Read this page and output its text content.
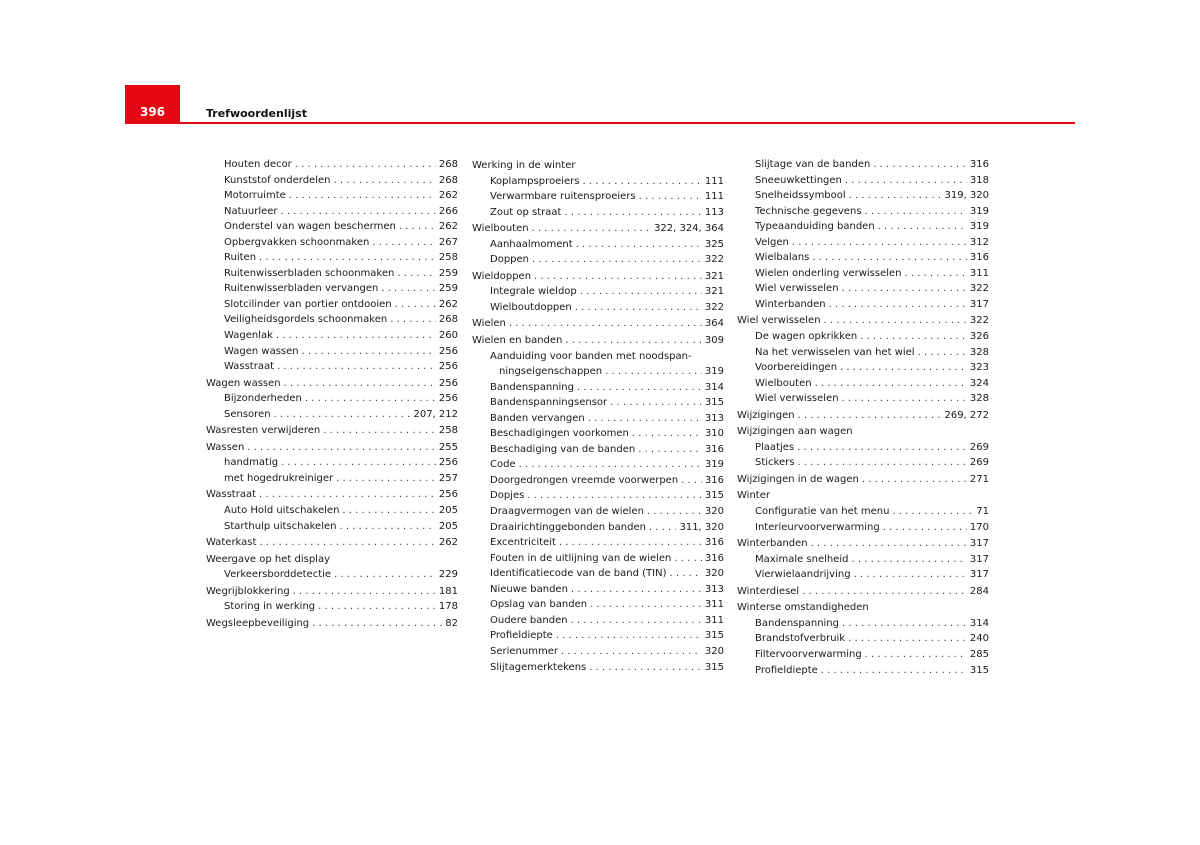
396	Trefwoordenlijst
Houten decor . . .	268
Kunststof onderdelen . . .	268
Motorruimte . . .	262
Natuurleer . . .	266
Onderstel van wagen beschermen . . .	262
Opbergvakken schoonmaken . . .	267
Ruiten . . .	258
Ruitenwisserbladen schoonmaken . . .	259
Ruitenwisserbladen vervangen . . .	259
Slotcilinder van portier ontdooien . . .	262
Veiligheidsgordels schoonmaken . . .	268
Wagenlak . . .	260
Wagen wassen . . .	256
Wasstraat . . .	256
Wagen wassen . . .	256
Bijzonderheden . . .	256
Sensoren . . .	207, 212
Wasresten verwijderen . . .	258
Wassen . . .	255
handmatig . . .	256
met hogedrukreiniger . . .	257
Wasstraat . . .	256
Auto Hold uitschakelen . . .	205
Starthulp uitschakelen . . .	205
Waterkast . . .	262
Weergave op het display
Verkeersborddetectie . . .	229
Wegrijblokkering . . .	181
Storing in werking . . .	178
Wegsleepbeveiliging . . .	82
Werking in de winter
Koplampsproeiers . . .	111
Verwarmbare ruitensproeiers . . .	111
Zout op straat . . .	113
Wielbouten . . .	322, 324, 364
Aanhaalmoment . . .	325
Doppen . . .	322
Wieldoppen . . .	321
Integrale wieldop . . .	321
Wielboutdoppen . . .	322
Wielen . . .	364
Wielen en banden . . .	309
Aanduiding voor banden met noodspan-
ningseigenschappen . . .	319
Bandenspanning . . .	314
Bandenspanningsensor . . .	315
Banden vervangen . . .	313
Beschadigingen voorkomen . . .	310
Beschadiging van de banden . . .	316
Code . . .	319
Doorgedrongen vreemde voorwerpen . . .	316
Dopjes . . .	315
Draagvermogen van de wielen . . .	320
Draairichtinggebonden banden . . .	311, 320
Excentriciteit . . .	316
Fouten in de uitlijning van de wielen . . .	316
Identificatiecode van de band (TIN) . . .	320
Nieuwe banden . . .	313
Opslag van banden . . .	311
Oudere banden . . .	311
Profieldiepte . . .	315
Serienummer . . .	320
Slijtagemerktekens . . .	315
Slijtage van de banden . . .	316
Sneeuwkettingen . . .	318
Snelheidssymbool . . .	319, 320
Technische gegevens . . .	319
Typeaanduiding banden . . .	319
Velgen . . .	312
Wielbalans . . .	316
Wielen onderling verwisselen . . .	311
Wiel verwisselen . . .	322
Winterbanden . . .	317
Wiel verwisselen . . .	322
De wagen opkrikken . . .	326
Na het verwisselen van het wiel . . .	328
Voorbereidingen . . .	323
Wielbouten . . .	324
Wiel verwisselen . . .	328
Wijzigingen . . .	269, 272
Wijzigingen aan wagen
Plaatjes . . .	269
Stickers . . .	269
Wijzigingen in de wagen . . .	271
Winter
Configuratie van het menu . . .	71
Interieurvoorverwarming . . .	170
Winterbanden . . .	317
Maximale snelheid . . .	317
Vierwielaandrijving . . .	317
Winterdiesel . . .	284
Winterse omstandigheden
Bandenspanning . . .	314
Brandstofverbruik . . .	240
Filtervoorverwarming . . .	285
Profieldiepte . . .	315
